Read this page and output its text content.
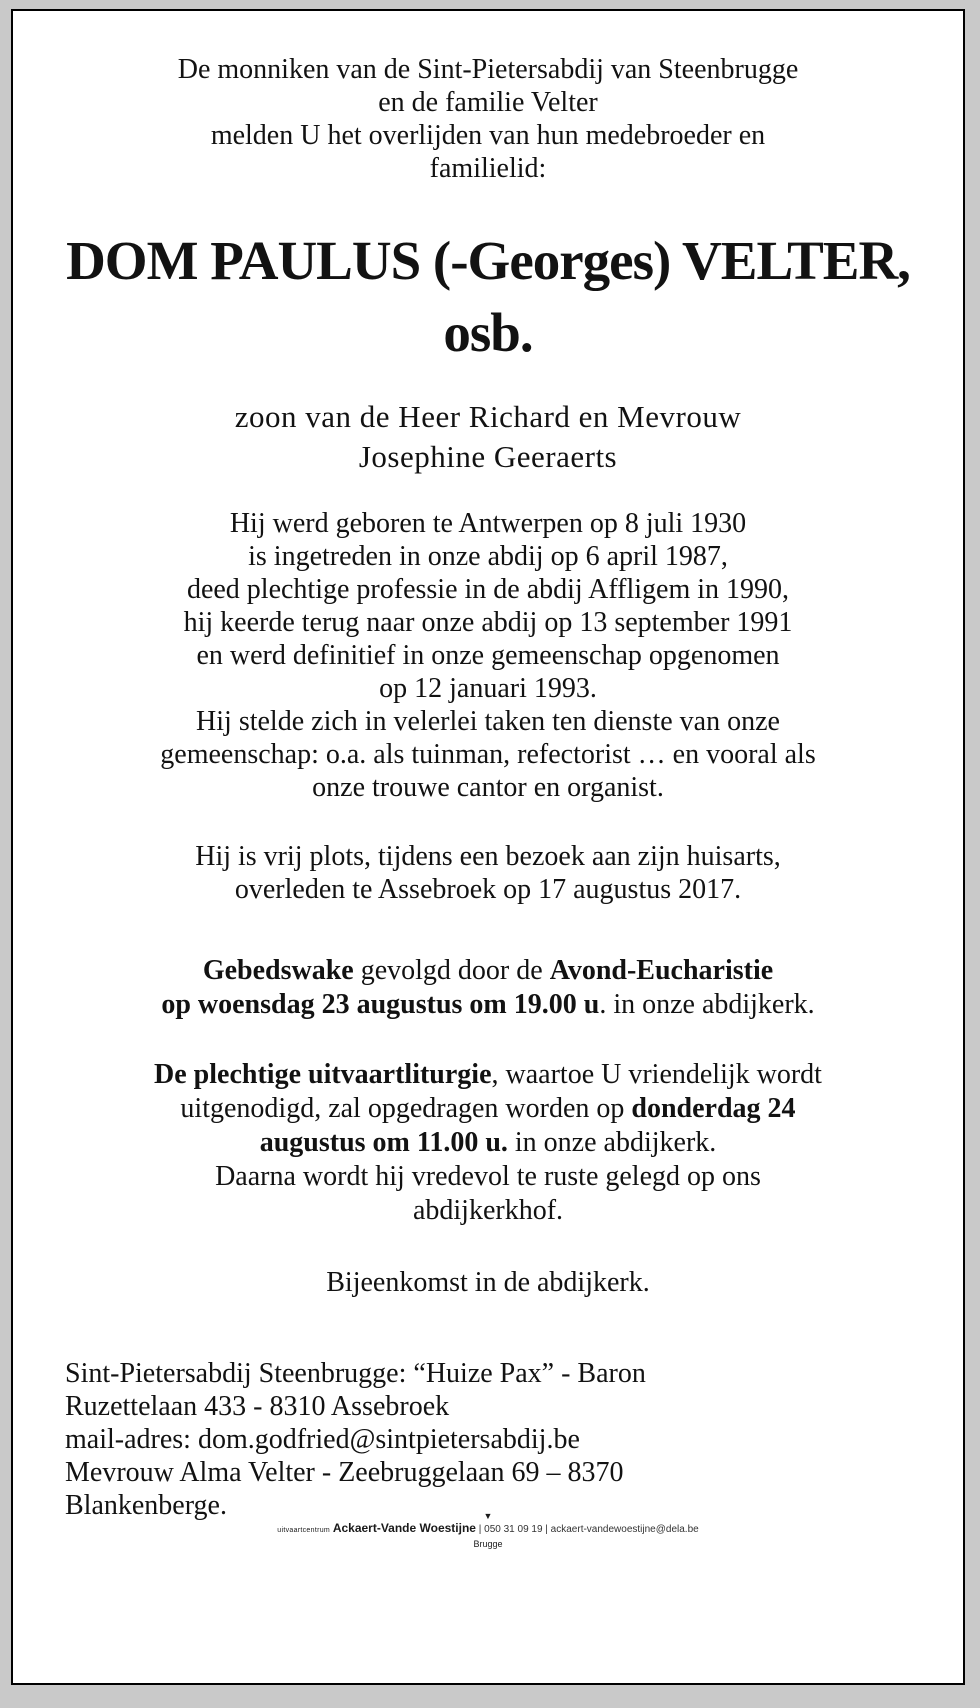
De monniken van de Sint-Pietersabdij van Steenbrugge
en de familie Velter
melden U het overlijden van hun medebroeder en
familielid:

DOM PAULUS (-Georges) VELTER,
osb.

zoon van de Heer Richard en Mevrouw
Josephine Geeraerts

Hij werd geboren te Antwerpen op 8 juli 1930
is ingetreden in onze abdij op 6 april 1987,
deed plechtige professie in de abdij Affligem in 1990,
hij keerde terug naar onze abdij op 13 september 1991
en werd definitief in onze gemeenschap opgenomen
op 12 januari 1993.
Hij stelde zich in velerlei taken ten dienste van onze
gemeenschap: o.a. als tuinman, refectorist … en vooral als
onze trouwe cantor en organist.

Hij is vrij plots, tijdens een bezoek aan zijn huisarts,
overleden te Assebroek op 17 augustus 2017.

Gebedswake gevolgd door de Avond-Eucharistie
op woensdag 23 augustus om 19.00 u. in onze abdijkerk.

De plechtige uitvaartliturgie, waartoe U vriendelijk wordt
uitgenodigd, zal opgedragen worden op donderdag 24
augustus om 11.00 u. in onze abdijkerk.
Daarna wordt hij vredevol te ruste gelegd op ons
abdijkerkhof.

Bijeenkomst in de abdijkerk.

Sint-Pietersabdij Steenbrugge: “Huize Pax” - Baron
Ruzettelaan 433 - 8310 Assebroek
mail-adres: dom.godfried@sintpietersabdij.be
Mevrouw Alma Velter - Zeebruggelaan 69 – 8370
Blankenberge.	▼
uitvaartcentrum Ackaert-Vande Woestijne | 050 31 09 19 | ackaert-vandewoestijne@dela.be
Brugge
